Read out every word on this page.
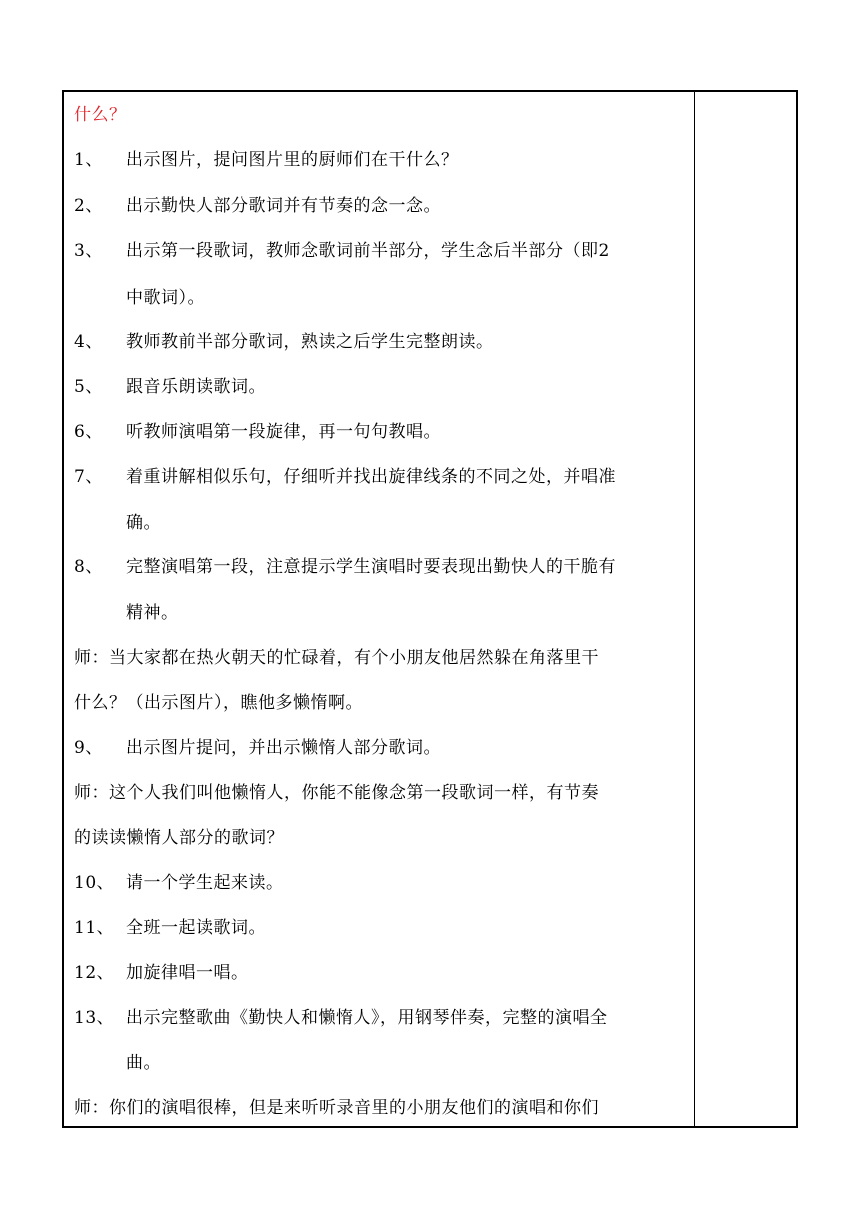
什么？
1、 出示图片，提问图片里的厨师们在干什么？
2、 出示勤快人部分歌词并有节奏的念一念。
3、 出示第一段歌词，教师念歌词前半部分，学生念后半部分（即2
中歌词）。
4、 教师教前半部分歌词，熟读之后学生完整朗读。
5、 跟音乐朗读歌词。
6、 听教师演唱第一段旋律，再一句句教唱。
7、 着重讲解相似乐句，仔细听并找出旋律线条的不同之处，并唱准
确。
8、 完整演唱第一段，注意提示学生演唱时要表现出勤快人的干脆有
精神。
师：当大家都在热火朝天的忙碌着，有个小朋友他居然躲在角落里干
什么？（出示图片），瞧他多懒惰啊。
9、 出示图片提问，并出示懒惰人部分歌词。
师：这个人我们叫他懒惰人，你能不能像念第一段歌词一样，有节奏
的读读懒惰人部分的歌词？
10、 请一个学生起来读。
11、 全班一起读歌词。
12、 加旋律唱一唱。
13、 出示完整歌曲《勤快人和懒惰人》，用钢琴伴奏，完整的演唱全
曲。
师：你们的演唱很棒，但是来听听录音里的小朋友他们的演唱和你们
